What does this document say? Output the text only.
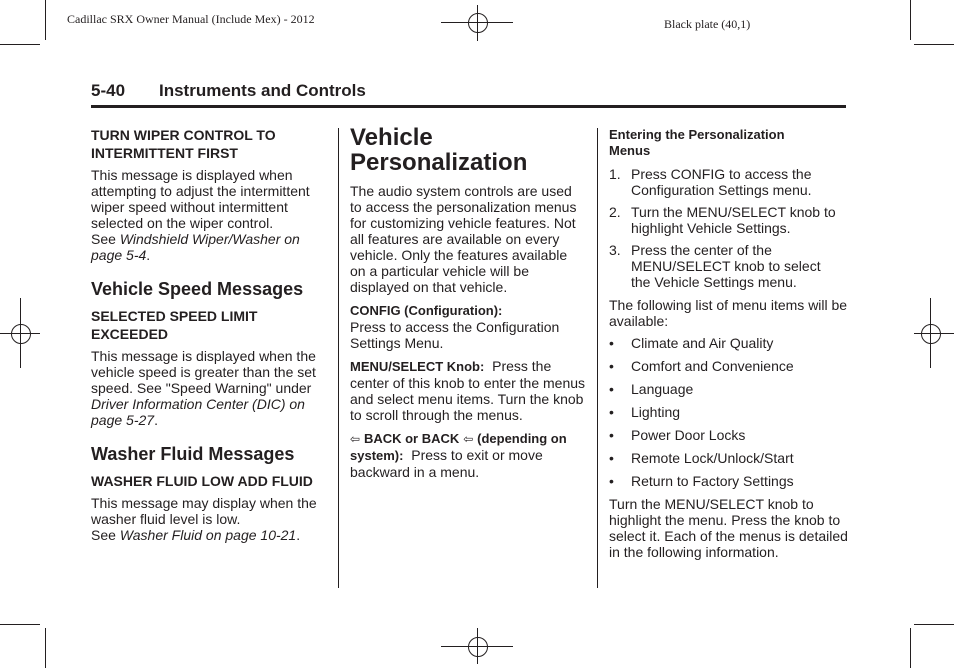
Cadillac SRX Owner Manual (Include Mex) - 2012	Black plate (40,1)
5-40 Instruments and Controls

TURN WIPER CONTROL TO INTERMITTENT FIRST

This message is displayed when attempting to adjust the intermittent wiper speed without intermittent selected on the wiper control.
See Windshield Wiper/Washer on page 5-4.

Vehicle Speed Messages

SELECTED SPEED LIMIT EXCEEDED

This message is displayed when the vehicle speed is greater than the set speed. See "Speed Warning" under Driver Information Center (DIC) on page 5-27.

Washer Fluid Messages

WASHER FLUID LOW ADD FLUID

This message may display when the washer fluid level is low.
See Washer Fluid on page 10-21.

Vehicle Personalization

The audio system controls are used to access the personalization menus for customizing vehicle features. Not all features are available on every vehicle. Only the features available on a particular vehicle will be displayed on that vehicle.

CONFIG (Configuration):
Press to access the Configuration Settings Menu.

MENU/SELECT Knob: Press the center of this knob to enter the menus and select menu items. Turn the knob to scroll through the menus.

⇦ BACK or BACK ⇦ (depending on system): Press to exit or move backward in a menu.

Entering the Personalization Menus

1. Press CONFIG to access the Configuration Settings menu.
2. Turn the MENU/SELECT knob to highlight Vehicle Settings.
3. Press the center of the MENU/SELECT knob to select the Vehicle Settings menu.

The following list of menu items will be available:

• Climate and Air Quality
• Comfort and Convenience
• Language
• Lighting
• Power Door Locks
• Remote Lock/Unlock/Start
• Return to Factory Settings

Turn the MENU/SELECT knob to highlight the menu. Press the knob to select it. Each of the menus is detailed in the following information.
